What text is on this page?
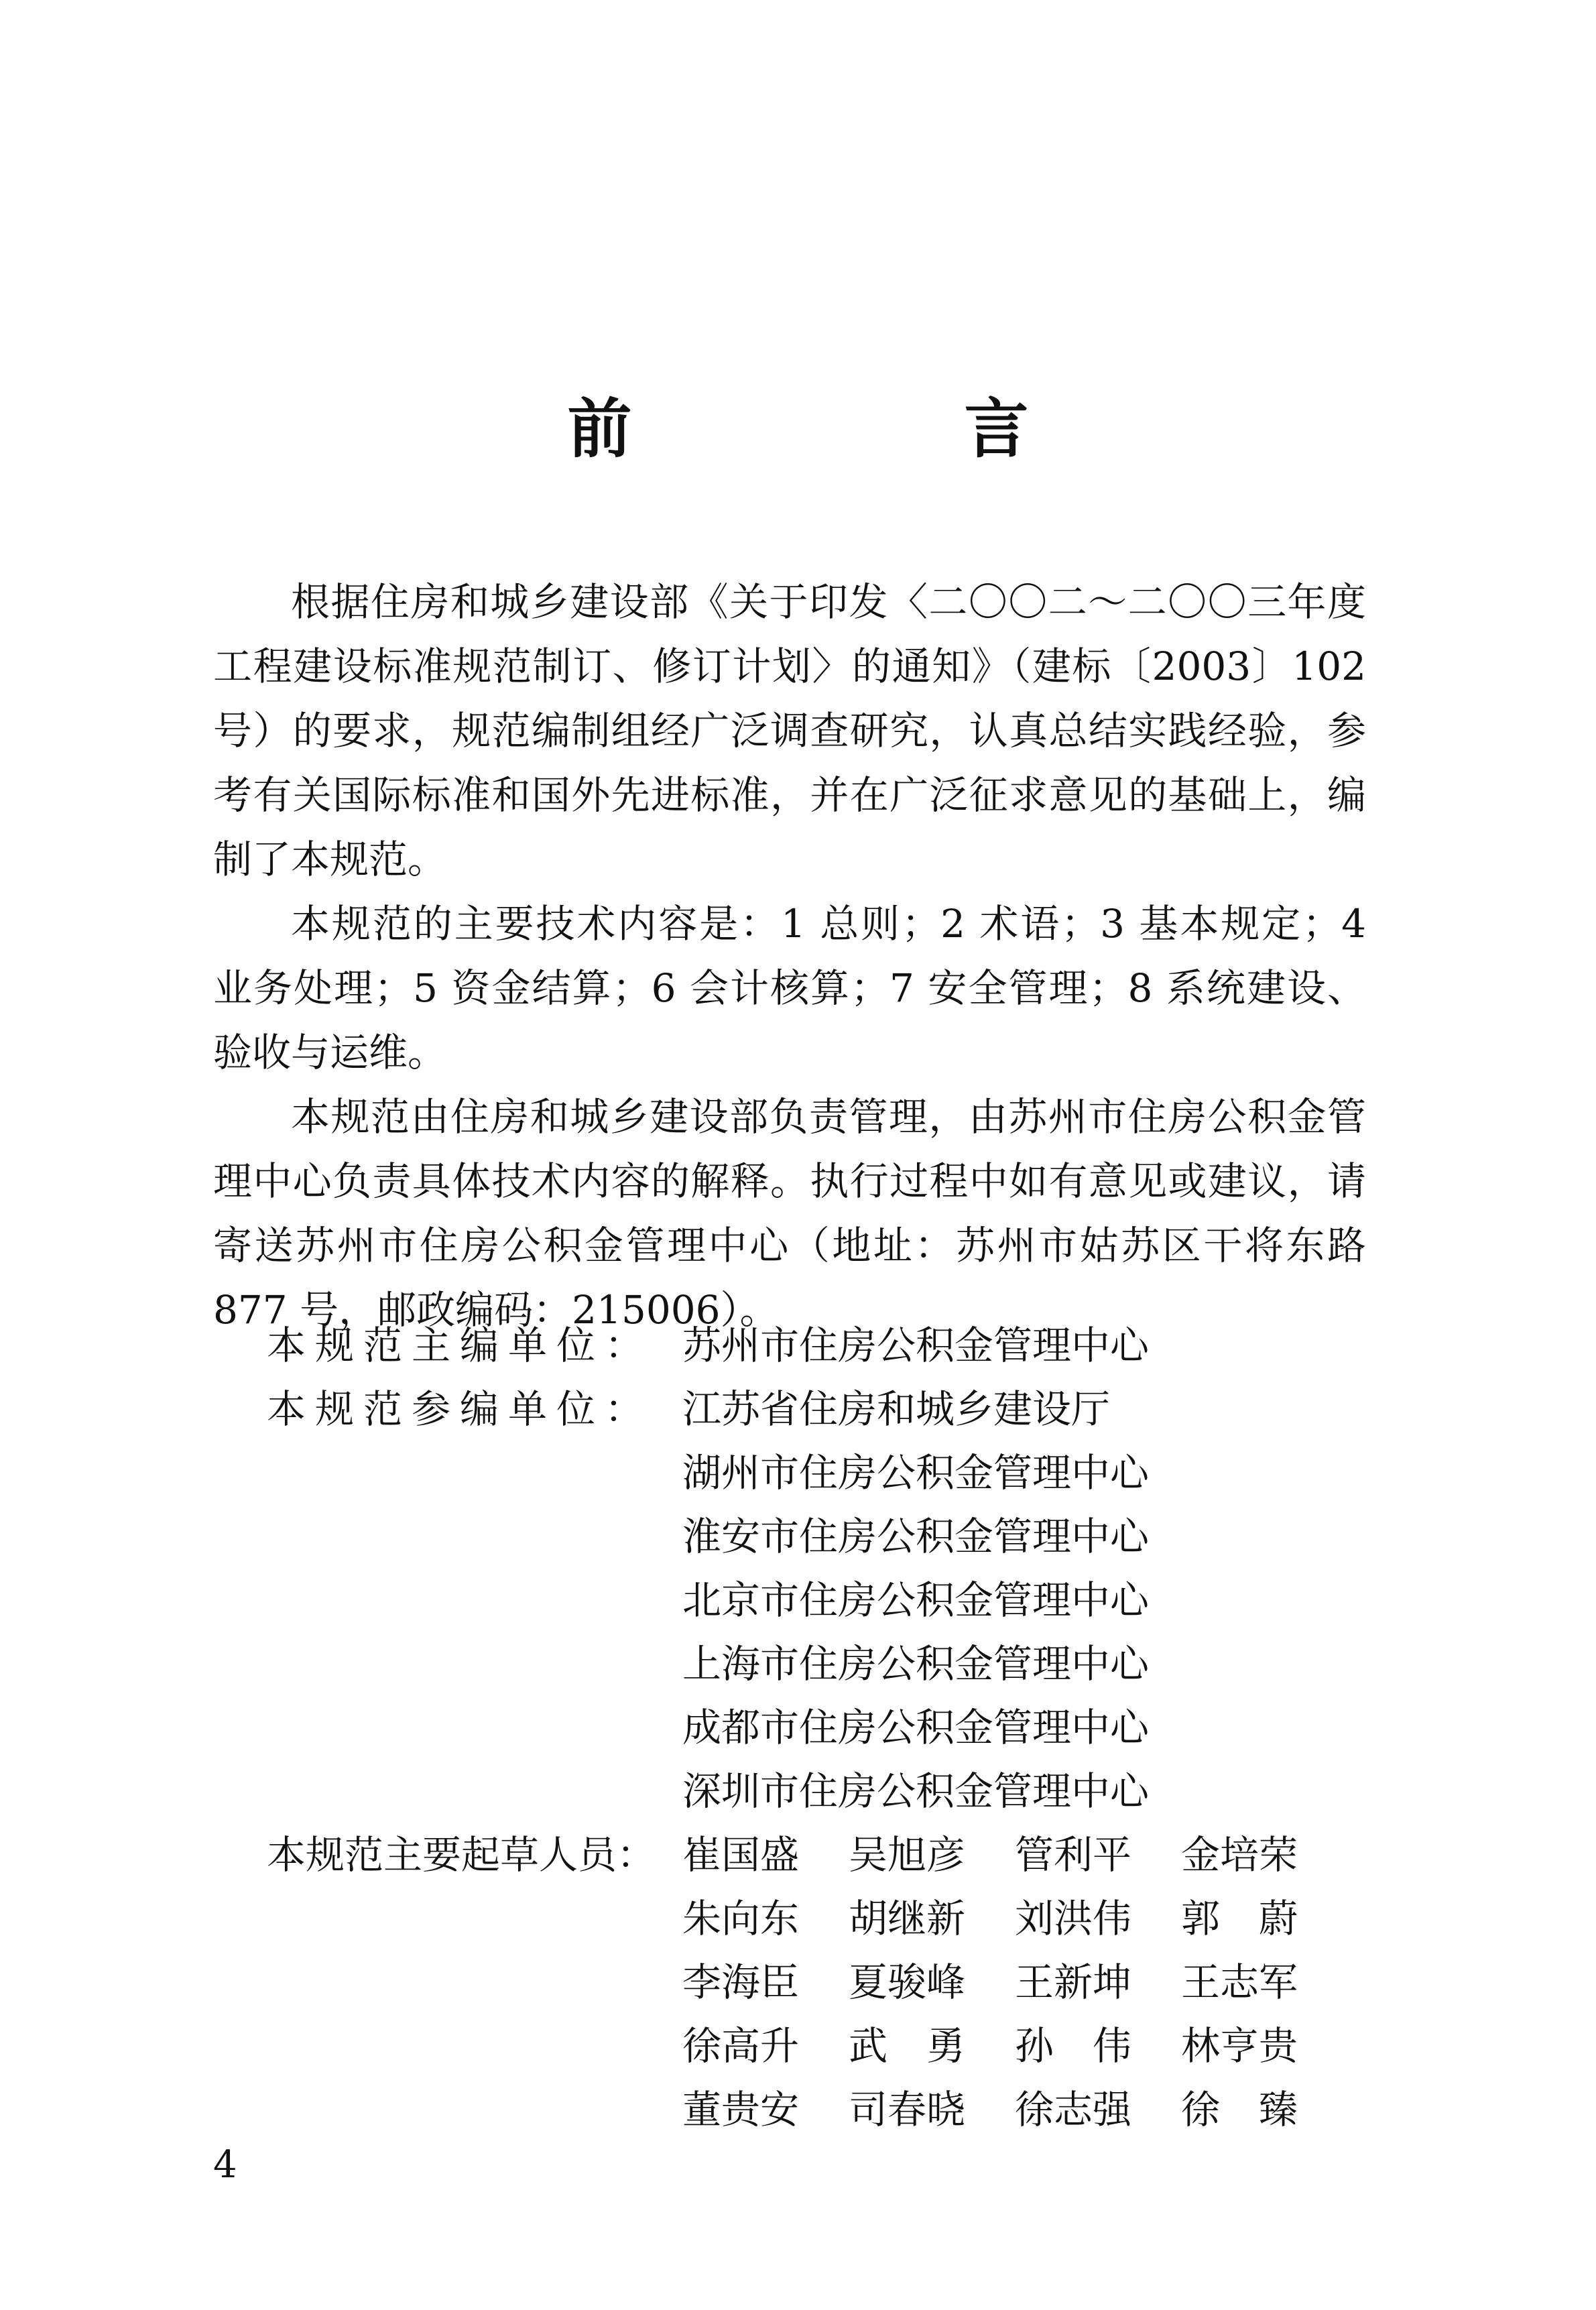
前　言

根据住房和城乡建设部《关于印发〈二〇〇二～二〇〇三年度工程建设标准规范制订、修订计划〉的通知》（建标〔2003〕102 号）的要求，规范编制组经广泛调查研究，认真总结实践经验，参考有关国际标准和国外先进标准，并在广泛征求意见的基础上，编制了本规范。

本规范的主要技术内容是：1 总则；2 术语；3 基本规定；4 业务处理；5 资金结算；6 会计核算；7 安全管理；8 系统建设、验收与运维。

本规范由住房和城乡建设部负责管理，由苏州市住房公积金管理中心负责具体技术内容的解释。执行过程中如有意见或建议，请寄送苏州市住房公积金管理中心（地址：苏州市姑苏区干将东路 877 号，邮政编码：215006）。

本规范主编单位： 苏州市住房公积金管理中心
本规范参编单位： 江苏省住房和城乡建设厅
湖州市住房公积金管理中心
淮安市住房公积金管理中心
北京市住房公积金管理中心
上海市住房公积金管理中心
成都市住房公积金管理中心
深圳市住房公积金管理中心
本规范主要起草人员： 崔国盛	吴旭彦	管利平	金培荣
朱向东	胡继新	刘洪伟	郭　蔚
李海臣	夏骏峰	王新坤	王志军
徐高升	武　勇	孙　伟	林亨贵
董贵安	司春晓	徐志强	徐　臻
4
